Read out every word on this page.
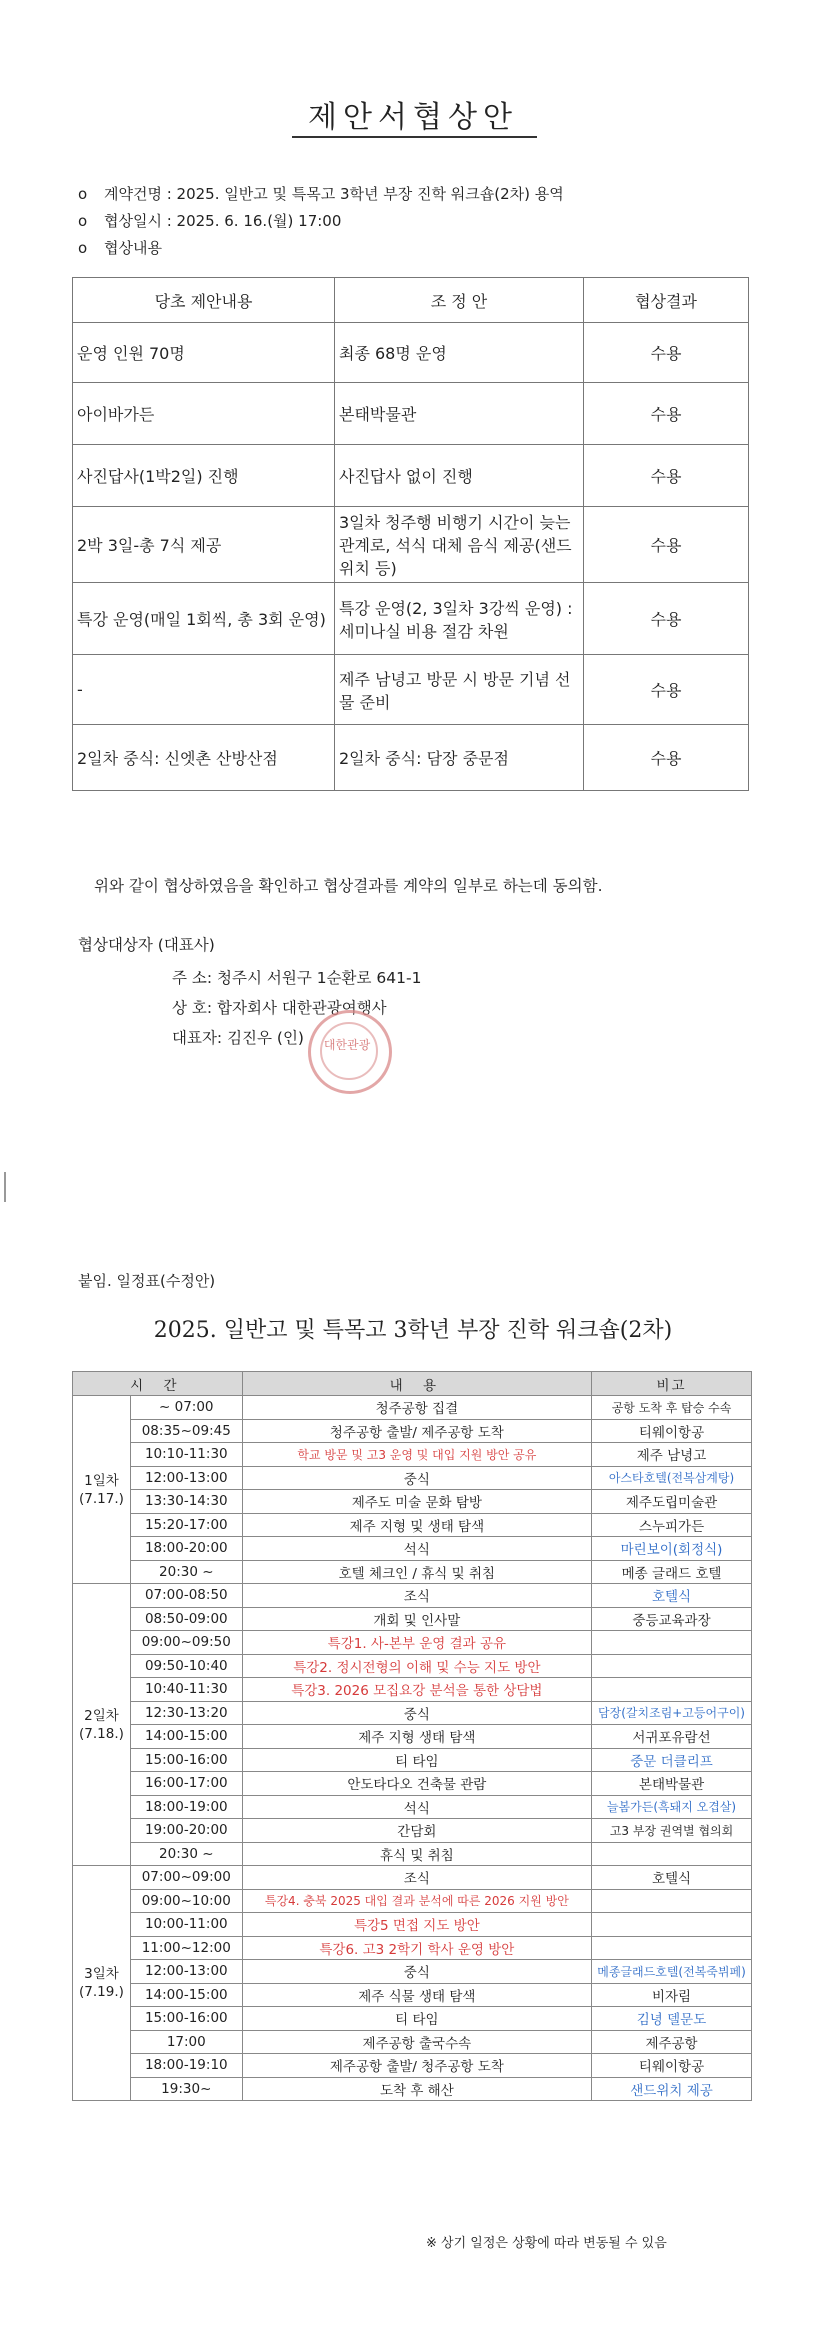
제안서협상안
o 계약건명 : 2025. 일반고 및 특목고 3학년 부장 진학 워크숍(2차) 용역
o 협상일시 : 2025. 6. 16.(월) 17:00
o 협상내용
당초 제안내용	조 정 안	협상결과
운영 인원 70명	최종 68명 운영	수용
아이바가든	본태박물관	수용
사진답사(1박2일) 진행	사진답사 없이 진행	수용
2박 3일-총 7식 제공	3일차 청주행 비행기 시간이 늦는 관계로, 석식 대체 음식 제공(샌드위치 등)	수용
특강 운영(매일 1회씩, 총 3회 운영)	특강 운영(2, 3일차 3강씩 운영) : 세미나실 비용 절감 차원	수용
-	제주 남녕고 방문 시 방문 기념 선물 준비	수용
2일차 중식: 신엣촌 산방산점	2일차 중식: 담장 중문점	수용
위와 같이 협상하였음을 확인하고 협상결과를 계약의 일부로 하는데 동의함.
협상대상자 (대표사)
주 소: 청주시 서원구 1순환로 641-1
상 호: 합자회사 대한관광여행사
대표자: 김진우 (인)	대한관광
붙임. 일정표(수정안)
2025. 일반고 및 특목고 3학년 부장 진학 워크숍(2차)
시 간		내 용	비고
1일차
(7.17.)	~ 07:00	청주공항 집결	공항 도착 후 탑승 수속
	08:35~09:45	청주공항 출발/ 제주공항 도착	티웨이항공
	10:10-11:30	학교 방문 및 고3 운영 및 대입 지원 방안 공유	제주 남녕고
	12:00-13:00	중식	아스타호텔(전복삼계탕)
	13:30-14:30	제주도 미술 문화 탐방	제주도립미술관
	15:20-17:00	제주 지형 및 생태 탐색	스누피가든
	18:00-20:00	석식	마린보이(회정식)
	20:30 ~	호텔 체크인 / 휴식 및 취침	메종 글래드 호텔
2일차
(7.18.)	07:00-08:50	조식	호텔식
	08:50-09:00	개회 및 인사말	중등교육과장
	09:00~09:50	특강1. 사-본부 운영 결과 공유	
	09:50-10:40	특강2. 정시전형의 이해 및 수능 지도 방안	
	10:40-11:30	특강3. 2026 모집요강 분석을 통한 상담법	
	12:30-13:20	중식	담장(갈치조림+고등어구이)
	14:00-15:00	제주 지형 생태 탐색	서귀포유람선
	15:00-16:00	티 타임	중문 더클리프
	16:00-17:00	안도타다오 건축물 관람	본태박물관
	18:00-19:00	석식	늘봄가든(흑돼지 오겹살)
	19:00-20:00	간담회	고3 부장 권역별 협의회
	20:30 ~	휴식 및 취침	
3일차
(7.19.)	07:00~09:00	조식	호텔식
	09:00~10:00	특강4. 충북 2025 대입 결과 분석에 따른 2026 지원 방안	
	10:00-11:00	특강5 면접 지도 방안	
	11:00~12:00	특강6. 고3 2학기 학사 운영 방안	
	12:00-13:00	중식	메종글래드호텔(전복죽뷔페)
	14:00-15:00	제주 식물 생태 탐색	비자림
	15:00-16:00	티 타임	김녕 델문도
	17:00	제주공항 출국수속	제주공항
	18:00-19:10	제주공항 출발/ 청주공항 도착	티웨이항공
	19:30~	도착 후 해산	샌드위치 제공
※ 상기 일정은 상황에 따라 변동될 수 있음
